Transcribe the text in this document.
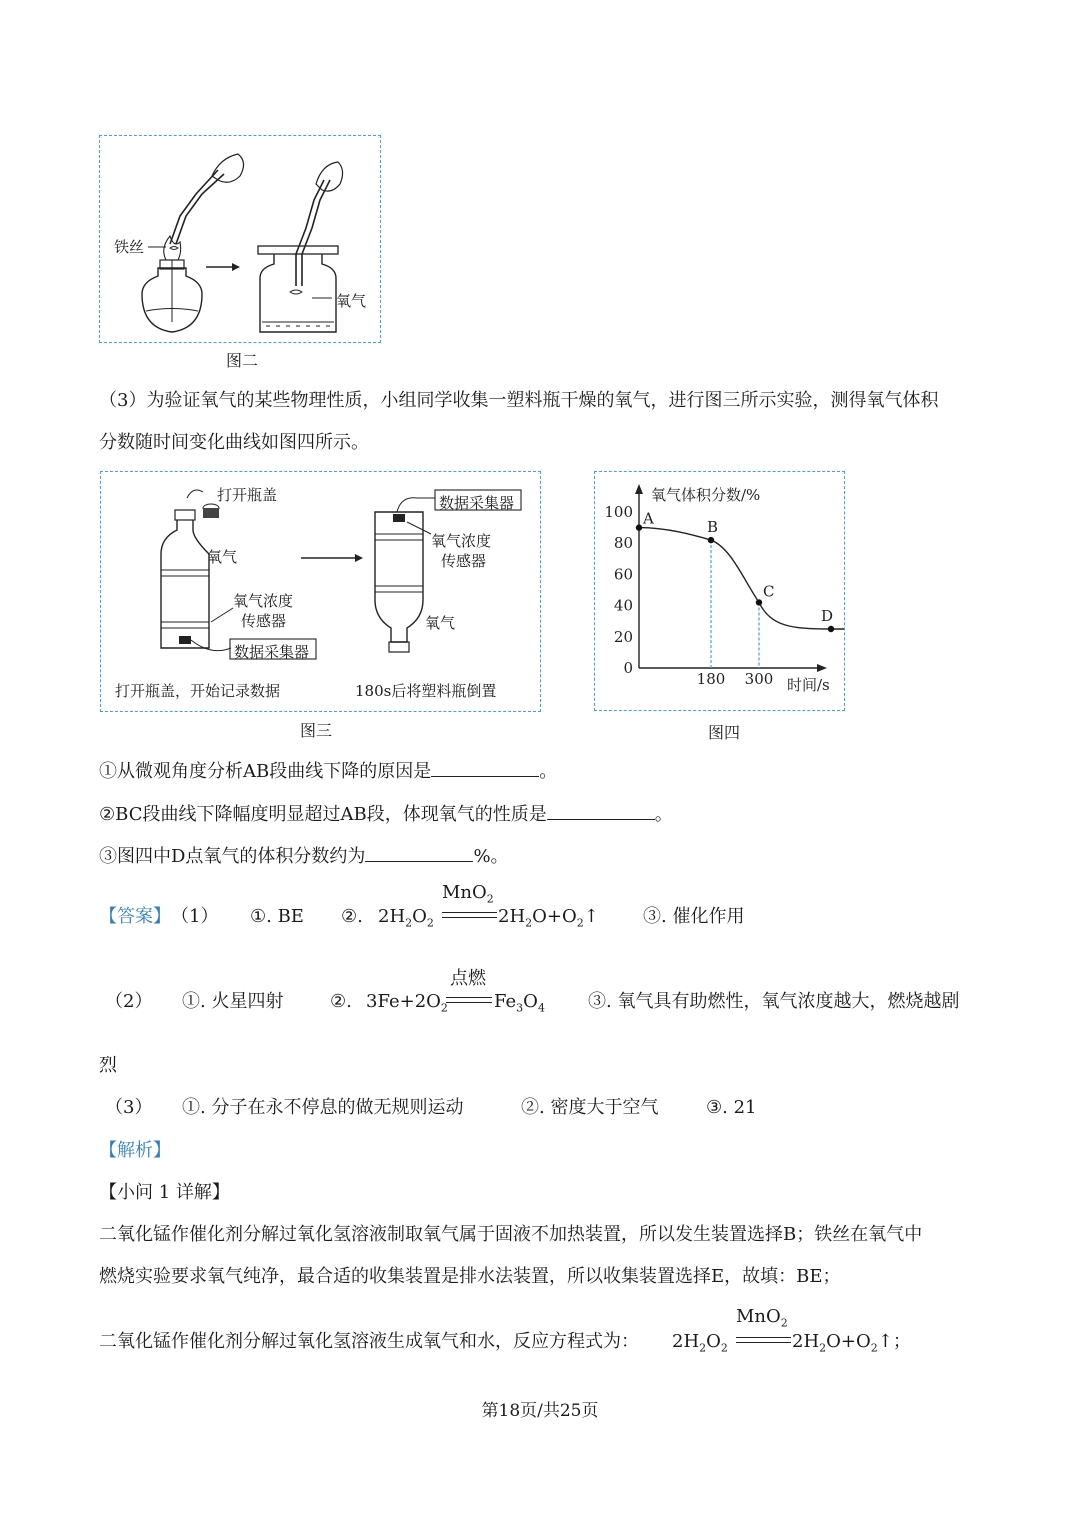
铁丝
氧气
图二
（3）为验证氧气的某些物理性质，小组同学收集一塑料瓶干燥的氧气，进行图三所示实验，测得氧气体积
分数随时间变化曲线如图四所示。
打开瓶盖
氧气
氧气浓度
传感器
数据采集器
打开瓶盖，开始记录数据
数据采集器
氧气浓度
传感器
氧气
180s后将塑料瓶倒置
图三
氧气体积分数/%
时间/s
100
80
60
40
20
0
180 300
A	B
C
D
图四
①从微观角度分析AB段曲线下降的原因是	。
②BC段曲线下降幅度明显超过AB段，体现氧气的性质是	。
③图四中D点氧气的体积分数约为	%。
【答案】 （1） ①. BE ②.
MnO$_2$
$2H_2O_2$	$2H_2O+O_2↑$ ③. 催化作用
（2） ①. 火星四射	②.
点燃
$3Fe+2O_2$	$Fe_3O_4$ ③. 氧气具有助燃性，氧气浓度越大，燃烧越剧
烈
（3） ①. 分子在永不停息的做无规则运动	②. 密度大于空气	③. 21
【解析】
【小问 1 详解】
二氧化锰作催化剂分解过氧化氢溶液制取氧气属于固液不加热装置，所以发生装置选择B；铁丝在氧气中
燃烧实验要求氧气纯净，最合适的收集装置是排水法装置，所以收集装置选择E，故填：BE；
二氧化锰作催化剂分解过氧化氢溶液生成氧气和水，反应方程式为：
MnO$_2$
$2H_2O_2$	$2H_2O+O_2↑$；
第18页/共25页
